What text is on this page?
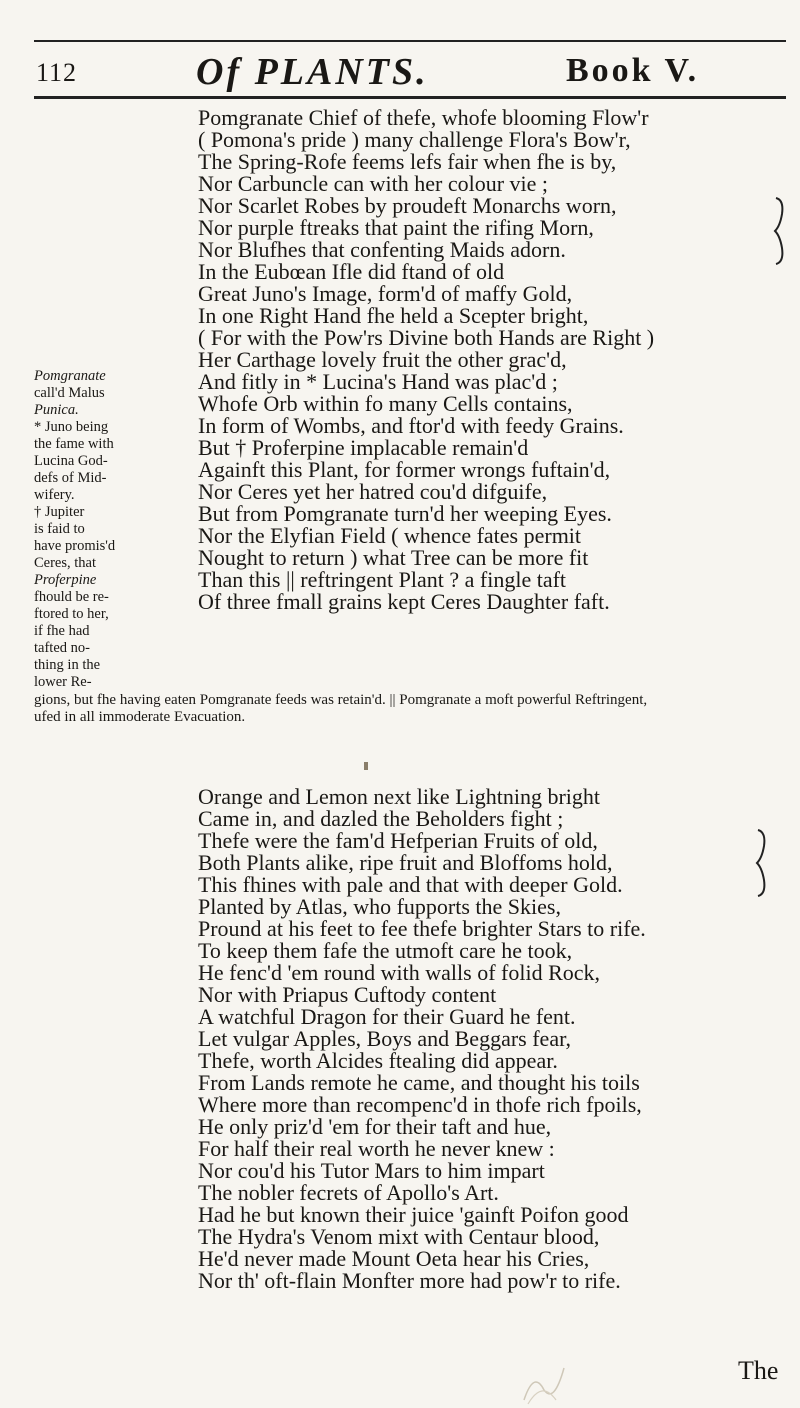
112	Of PLANTS.	Book V.
Pomgranate Chief of thefe, whofe blooming Flow'r
( Pomona's pride ) many challenge Flora's Bow'r,
The Spring-Rofe feems lefs fair when fhe is by,
Nor Carbuncle can with her colour vie ;
Nor Scarlet Robes by proudeft Monarchs worn,
Nor purple ftreaks that paint the rifing Morn,
Nor Blufhes that confenting Maids adorn.
In the Eubœan Ifle did ftand of old
Great Juno's Image, form'd of maffy Gold,
In one Right Hand fhe held a Scepter bright,
( For with the Pow'rs Divine both Hands are Right )
Her Carthage lovely fruit the other grac'd,
And fitly in * Lucina's Hand was plac'd ;
Whofe Orb within fo many Cells contains,
In form of Wombs, and ftor'd with feedy Grains.
But † Proferpine implacable remain'd
Againft this Plant, for former wrongs fuftain'd,
Nor Ceres yet her hatred cou'd difguife,
But from Pomgranate turn'd her weeping Eyes.
Nor the Elyfian Field ( whence fates permit
Nought to return ) what Tree can be more fit
Than this || reftringent Plant ? a fingle taft
Of three fmall grains kept Ceres Daughter faft.
Pomgranate
call'd Malus
Punica.
* Juno being
the fame with
Lucina God-
defs of Mid-
wifery.
† Jupiter
is faid to
have promis'd
Ceres, that
Proferpine
fhould be re-
ftored to her,
if fhe had
tafted no-
thing in the
lower Re-
gions, but fhe having eaten Pomgranate feeds was retain'd. || Pomgranate a moft powerful Reftringent,
ufed in all immoderate Evacuation.
Orange and Lemon next like Lightning bright
Came in, and dazled the Beholders fight ;
Thefe were the fam'd Hefperian Fruits of old,
Both Plants alike, ripe fruit and Bloffoms hold,
This fhines with pale and that with deeper Gold.
Planted by Atlas, who fupports the Skies,
Pround at his feet to fee thefe brighter Stars to rife.
To keep them fafe the utmoft care he took,
He fenc'd 'em round with walls of folid Rock,
Nor with Priapus Cuftody content
A watchful Dragon for their Guard he fent.
Let vulgar Apples, Boys and Beggars fear,
Thefe, worth Alcides ftealing did appear.
From Lands remote he came, and thought his toils
Where more than recompenc'd in thofe rich fpoils,
He only priz'd 'em for their taft and hue,
For half their real worth he never knew :
Nor cou'd his Tutor Mars to him impart
The nobler fecrets of Apollo's Art.
Had he but known their juice 'gainft Poifon good
The Hydra's Venom mixt with Centaur blood,
He'd never made Mount Oeta hear his Cries,
Nor th' oft-flain Monfter more had pow'r to rife.
The
